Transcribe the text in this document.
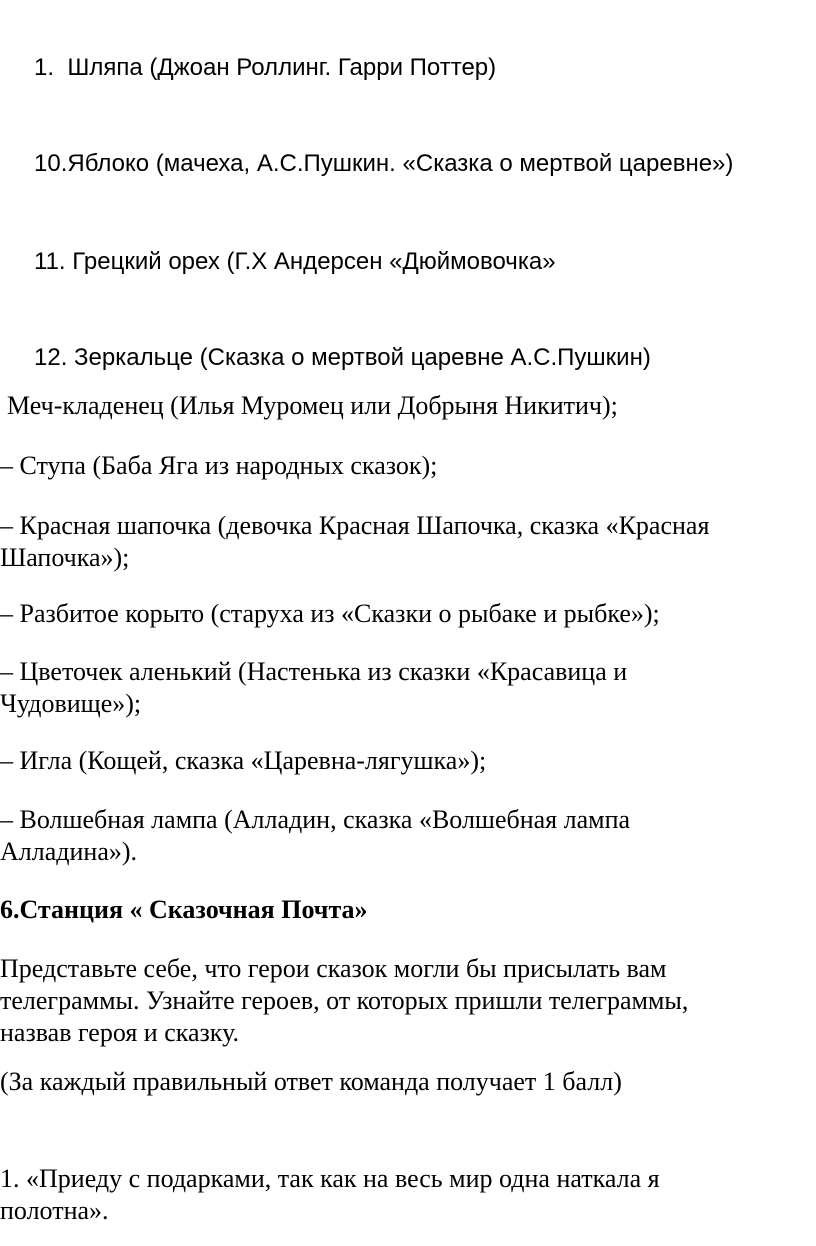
1. Шляпа (Джоан Роллинг. Гарри Поттер)
10.Яблоко (мачеха, А.С.Пушкин. «Сказка о мертвой царевне»)
11. Грецкий орех (Г.Х Андерсен «Дюймовочка»
12. Зеркальце (Сказка о мертвой царевне А.С.Пушкин)
Меч-кладенец (Илья Муромец или Добрыня Никитич);
– Ступа (Баба Яга из народных сказок);
– Красная шапочка (девочка Красная Шапочка, сказка «Красная
Шапочка»);
– Разбитое корыто (старуха из «Сказки о рыбаке и рыбке»);
– Цветочек аленький (Настенька из сказки «Красавица и
Чудовище»);
– Игла (Кощей, сказка «Царевна-лягушка»);
– Волшебная лампа (Алладин, сказка «Волшебная лампа
Алладина»).
6.Станция « Сказочная Почта»
Представьте себе, что герои сказок могли бы присылать вам
телеграммы. Узнайте героев, от которых пришли телеграммы,
назвав героя и сказку.
(За каждый правильный ответ команда получает 1 балл)
1. «Приеду с подарками, так как на весь мир одна наткала я
полотна».
